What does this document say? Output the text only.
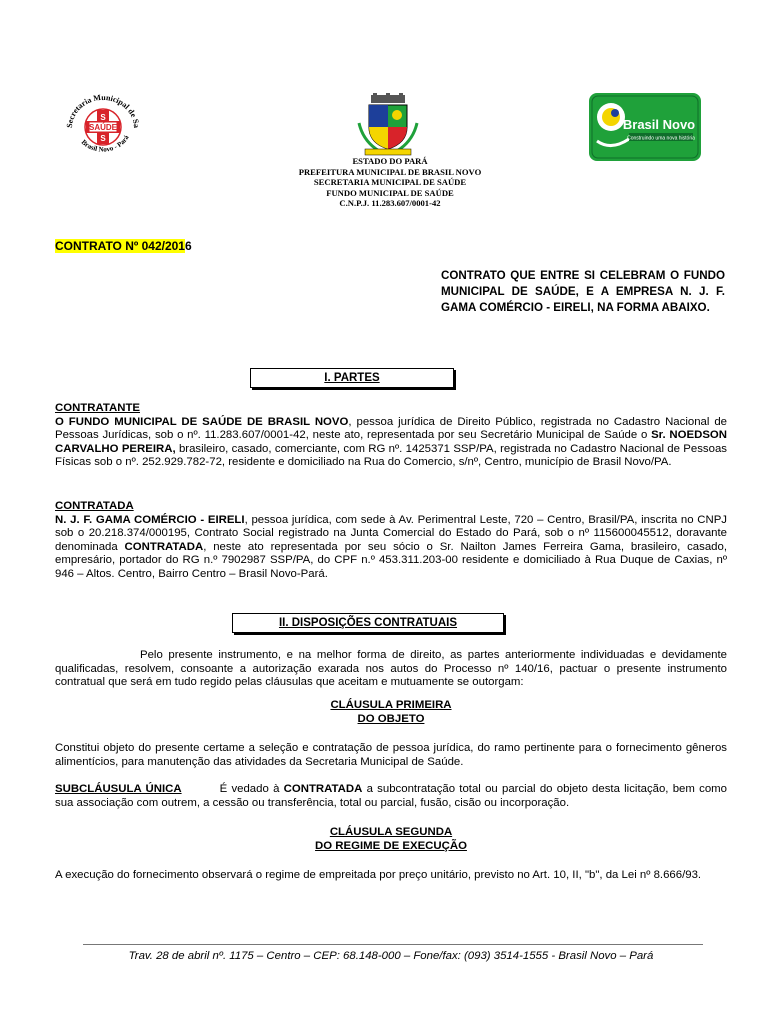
Secretaria Municipal de Sa
Brasil Novo - Pará
S
SAÚDE
S
Brasil Novo
Construindo uma nova história
ESTADO DO PARÁ
PREFEITURA MUNICIPAL DE BRASIL NOVO
SECRETARIA MUNICIPAL DE SAÚDE
FUNDO MUNICIPAL DE SAÚDE
C.N.P.J. 11.283.607/0001-42
CONTRATO Nº 042/2016
CONTRATO QUE ENTRE SI CELEBRAM O FUNDO MUNICIPAL DE SAÚDE, E A EMPRESA N. J. F. GAMA COMÉRCIO - EIRELI, NA FORMA ABAIXO.
I. PARTES
CONTRATANTE
O FUNDO MUNICIPAL DE SAÚDE DE BRASIL NOVO, pessoa jurídica de Direito Público, registrada no Cadastro Nacional de Pessoas Jurídicas, sob o nº. 11.283.607/0001-42, neste ato, representada por seu Secretário Municipal de Saúde o Sr. NOEDSON CARVALHO PEREIRA, brasileiro, casado, comerciante, com RG nº. 1425371 SSP/PA, registrada no Cadastro Nacional de Pessoas Físicas sob o nº. 252.929.782-72, residente e domiciliado na Rua do Comercio, s/nº, Centro, município de Brasil Novo/PA.
CONTRATADA
N. J. F. GAMA COMÉRCIO - EIRELI, pessoa jurídica, com sede à Av. Perimentral Leste, 720 – Centro, Brasil/PA, inscrita no CNPJ sob o 20.218.374/000195, Contrato Social registrado na Junta Comercial do Estado do Pará, sob o nº 115600045512, doravante denominada CONTRATADA, neste ato representada por seu sócio o Sr. Nailton James Ferreira Gama, brasileiro, casado, empresário, portador do RG n.º 7902987 SSP/PA, do CPF n.º 453.311.203-00 residente e domiciliado à Rua Duque de Caxias, nº 946 – Altos. Centro, Bairro Centro – Brasil Novo-Pará.
II. DISPOSIÇÕES CONTRATUAIS
Pelo presente instrumento, e na melhor forma de direito, as partes anteriormente individuadas e devidamente qualificadas, resolvem, consoante a autorização exarada nos autos do Processo nº 140/16, pactuar o presente instrumento contratual que será em tudo regido pelas cláusulas que aceitam e mutuamente se outorgam:
CLÁUSULA PRIMEIRA
DO OBJETO
Constitui objeto do presente certame a seleção e contratação de pessoa jurídica, do ramo pertinente para o fornecimento gêneros alimentícios, para manutenção das atividades da Secretaria Municipal de Saúde.
SUBCLÁUSULA ÚNICA	É vedado à CONTRATADA a subcontratação total ou parcial do objeto desta licitação, bem como sua associação com outrem, a cessão ou transferência, total ou parcial, fusão, cisão ou incorporação.
CLÁUSULA SEGUNDA
DO REGIME DE EXECUÇÃO
A execução do fornecimento observará o regime de empreitada por preço unitário, previsto no Art. 10, II, "b", da Lei nº 8.666/93.
Trav. 28 de abril nº. 1175 – Centro – CEP: 68.148-000 – Fone/fax: (093) 3514-1555 - Brasil Novo – Pará
